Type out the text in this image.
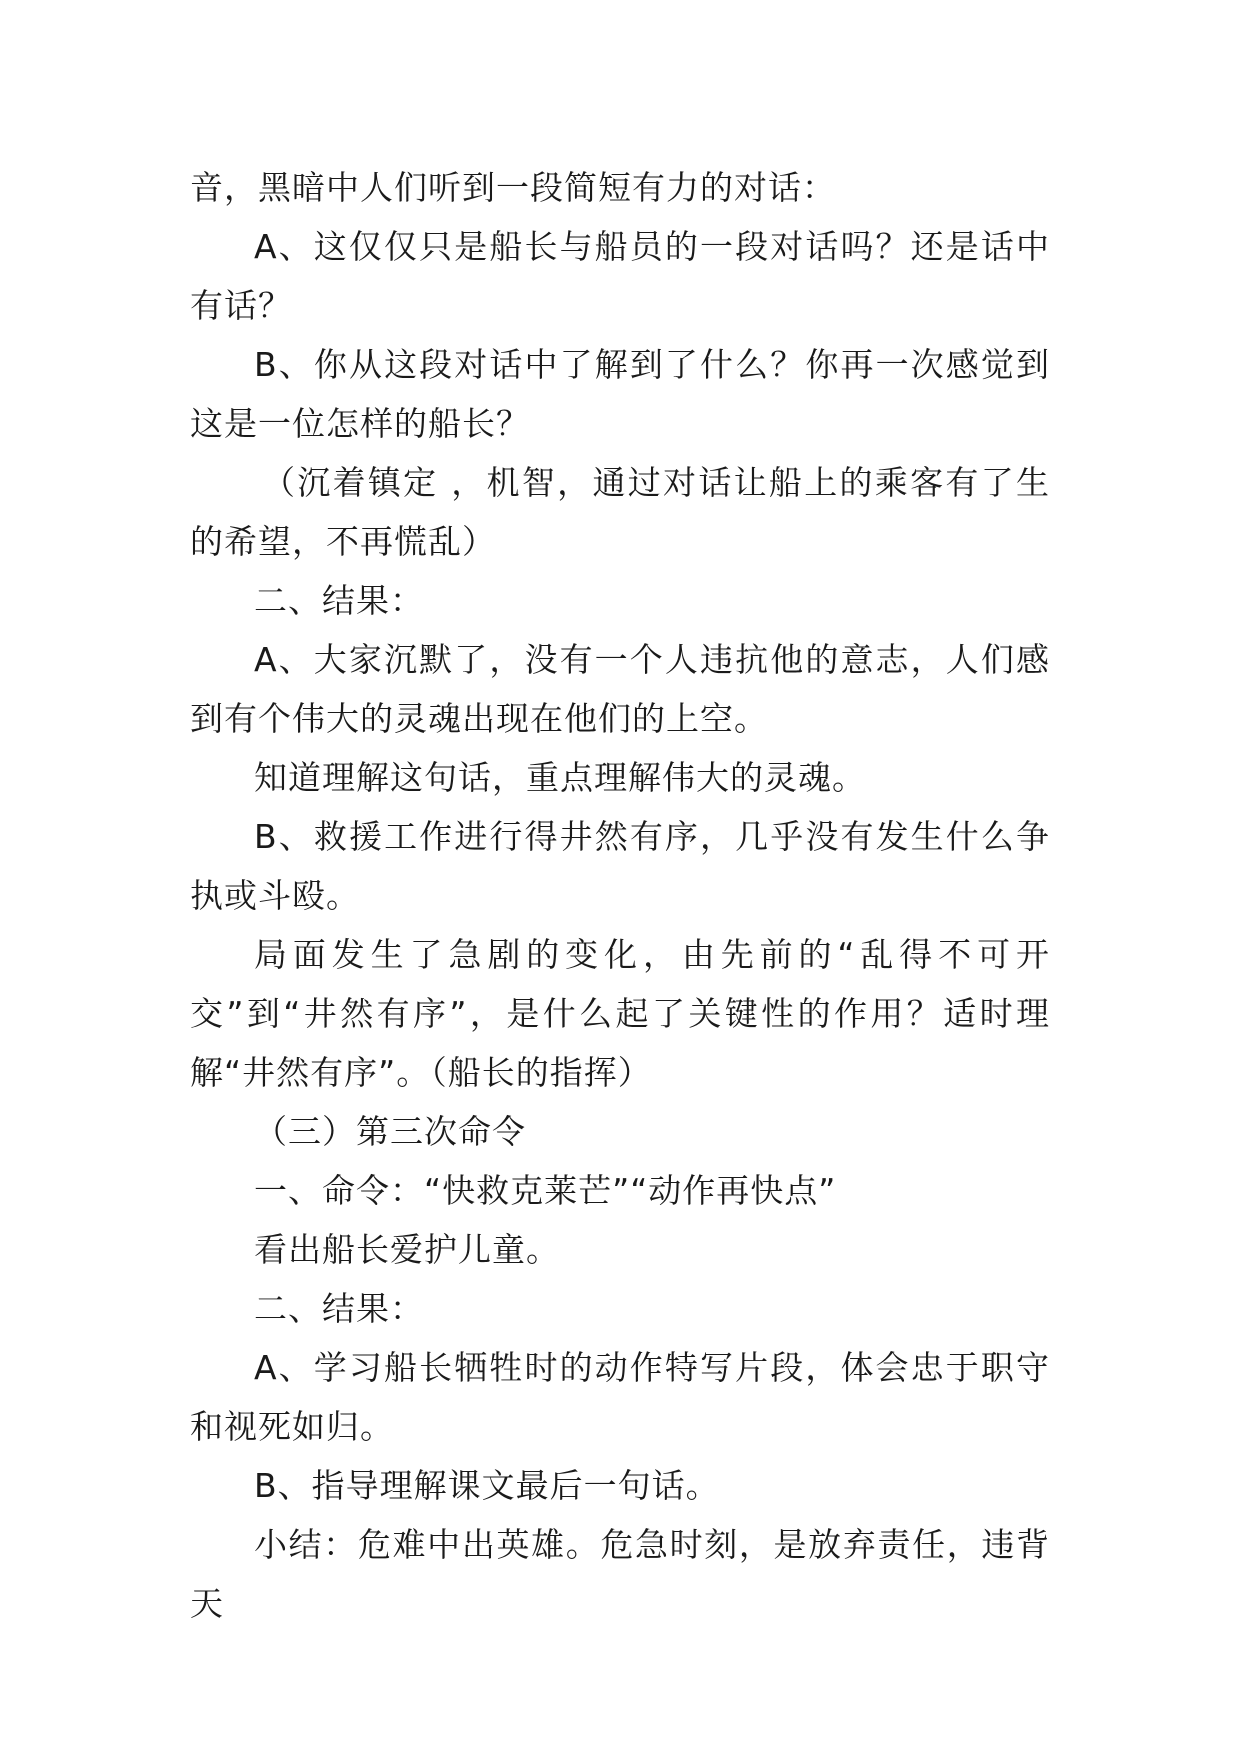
音，黑暗中人们听到一段简短有力的对话：

A、这仅仅只是船长与船员的一段对话吗？还是话中有话？

B、你从这段对话中了解到了什么？你再一次感觉到这是一位怎样的船长？

（沉着镇定 ，机智，通过对话让船上的乘客有了生的希望，不再慌乱）

二、结果：

A、大家沉默了，没有一个人违抗他的意志，人们感到有个伟大的灵魂出现在他们的上空。

知道理解这句话，重点理解伟大的灵魂。

B、救援工作进行得井然有序，几乎没有发生什么争执或斗殴。

局面发生了急剧的变化，由先前的“乱得不可开交”到“井然有序”，是什么起了关键性的作用？适时理解“井然有序”。（船长的指挥）

（三）第三次命令

一、命令：“快救克莱芒”“动作再快点”

看出船长爱护儿童。

二、结果：

A、学习船长牺牲时的动作特写片段，体会忠于职守和视死如归。

B、指导理解课文最后一句话。

小结：危难中出英雄。危急时刻，是放弃责任，违背天
